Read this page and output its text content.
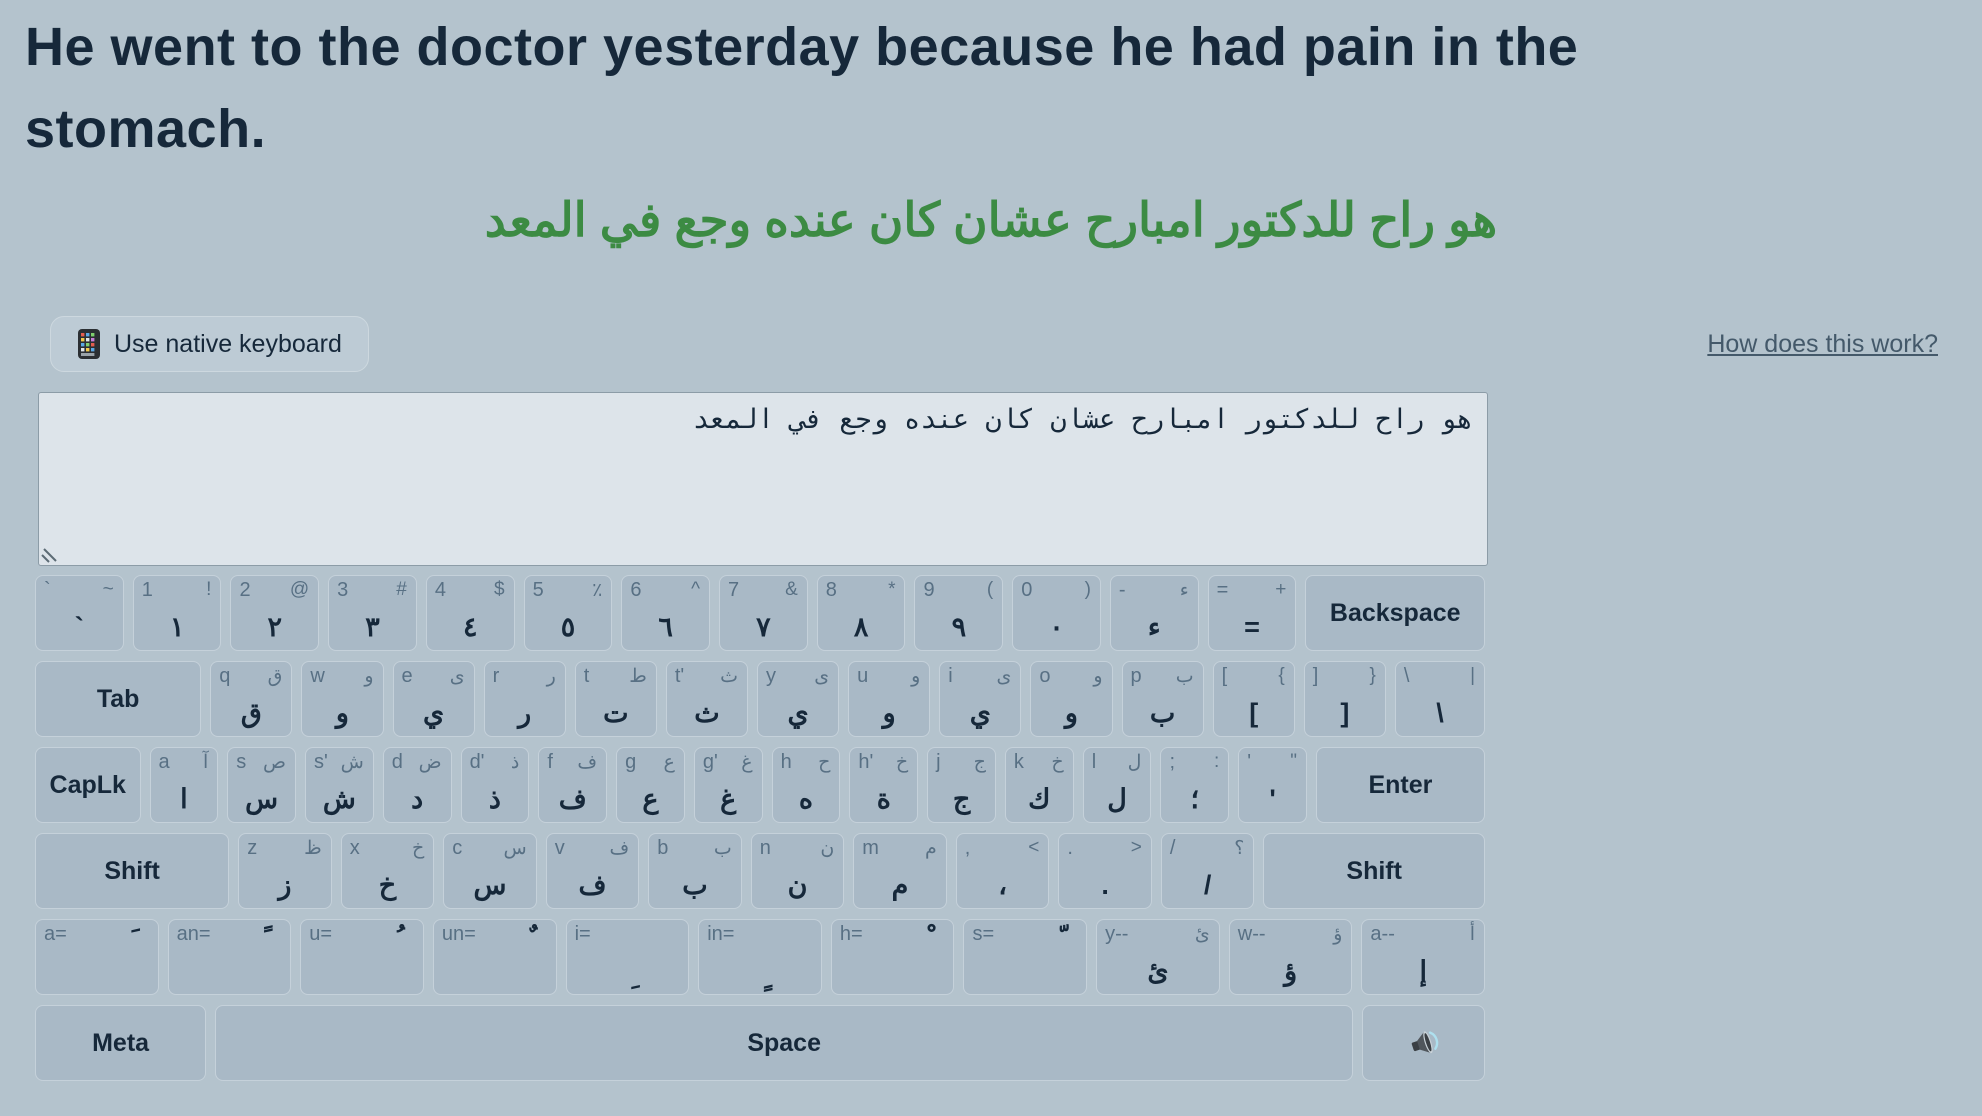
He went to the doctor yesterday because he had pain in the stomach.
هو راح للدكتور امبارح عشان كان عنده وجع في المعد
Use native keyboard	How does this work?
هو راح للدكتور امبارح عشان كان عنده وجع في المعد
`	~
`
1	!
١
2 @
٢
3	#
٣
4	$
٤
5	٪
٥
6	^
٦
7 &
٧
8	*
٨
9	(
٩
0	)
٠
-	ء
ء
= +
=	Backspace
Tab
q ق
ق
w و
و
e ى
ي
r ر
ر
t ط
ت
t' ث
ث
y ى
ي
u و
و
i ى
ي
o و
و
p ب
ب
[	{
[
]	}
]
\	|
\
CapLk
a آ
ا
s ص
س
s' ش
ش
d ض
د
d' ذ
ذ
f ف
ف
g ع
ع
g' غ
غ
h ح
ه
h' خ
ة
j ج
ج
k خ
ك
l ل
ل
; :
؛
' "
'	Enter
Shift
z ظ
ز
x	خ
خ
c س
س
v ف
ف
b ب
ب
n	ن
ن
m م
م
,	<
،
.	>
.
/	؟
/	Shift
a= ﹶ an= ﹰ u= ﹸ un= ﹲ i=
ﹺ
in=
ﹴ
h= ﹾ s= ﹼ y--	ئ
ئ
w--	ؤ
ؤ
a--	أ
إ
Meta	Space
